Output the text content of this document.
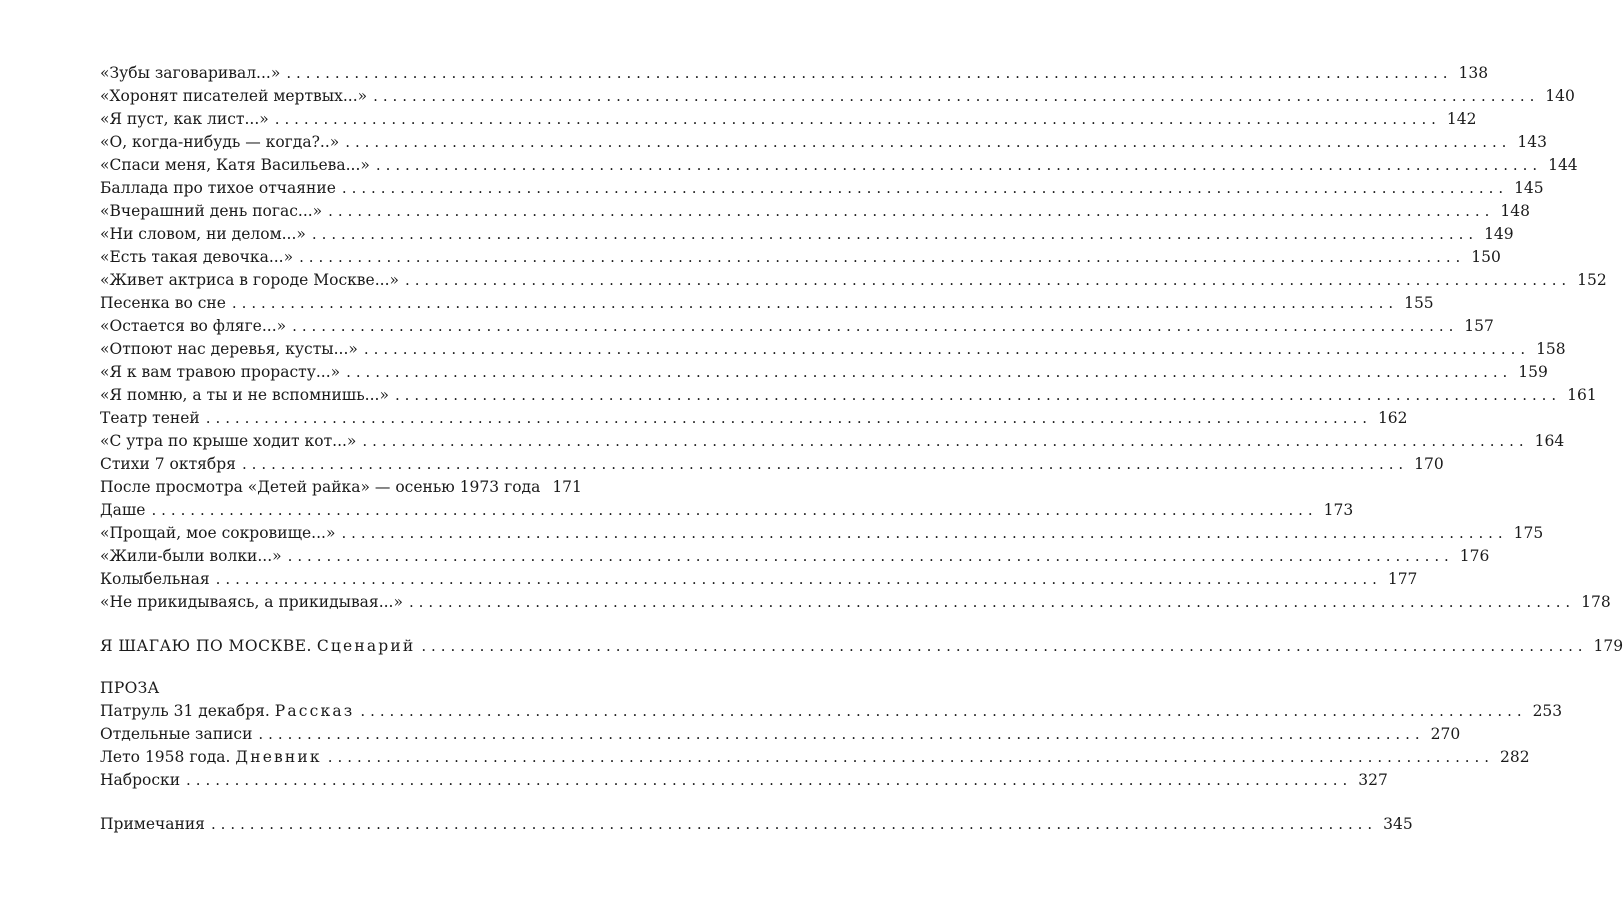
«Зубы заговаривал...» ........................................................................................................................ 138
«Хоронят писателей мертвых...» ........................................................................................................................ 140
«Я пуст, как лист...» ........................................................................................................................ 142
«О, когда-нибудь — когда?..» ........................................................................................................................ 143
«Спаси меня, Катя Васильева...» ........................................................................................................................ 144
Баллада про тихое отчаяние ........................................................................................................................ 145
«Вчерашний день погас...» ........................................................................................................................ 148
«Ни словом, ни делом...» ........................................................................................................................ 149
«Есть такая девочка...» ........................................................................................................................ 150
«Живет актриса в городе Москве...» ........................................................................................................................ 152
Песенка во сне ........................................................................................................................ 155
«Остается во фляге...» ........................................................................................................................ 157
«Отпоют нас деревья, кусты...» ........................................................................................................................ 158
«Я к вам травою прорасту...» ........................................................................................................................ 159
«Я помню, а ты и не вспомнишь...» ........................................................................................................................ 161
Театр теней ........................................................................................................................ 162
«С утра по крыше ходит кот...» ........................................................................................................................ 164
Стихи 7 октября ........................................................................................................................ 170
После просмотра «Детей райка» — осенью 1973 года 171
Даше ........................................................................................................................ 173
«Прощай, мое сокровище...» ........................................................................................................................ 175
«Жили-были волки...» ........................................................................................................................ 176
Колыбельная ........................................................................................................................ 177
«Не прикидываясь, а прикидывая...» ........................................................................................................................ 178
Я ШАГАЮ ПО МОСКВЕ. Сценарий ........................................................................................................................ 179
ПРОЗА
Патруль 31 декабря. Рассказ ........................................................................................................................ 253
Отдельные записи ........................................................................................................................ 270
Лето 1958 года. Дневник ........................................................................................................................ 282
Наброски ........................................................................................................................ 327
Примечания ........................................................................................................................ 345
